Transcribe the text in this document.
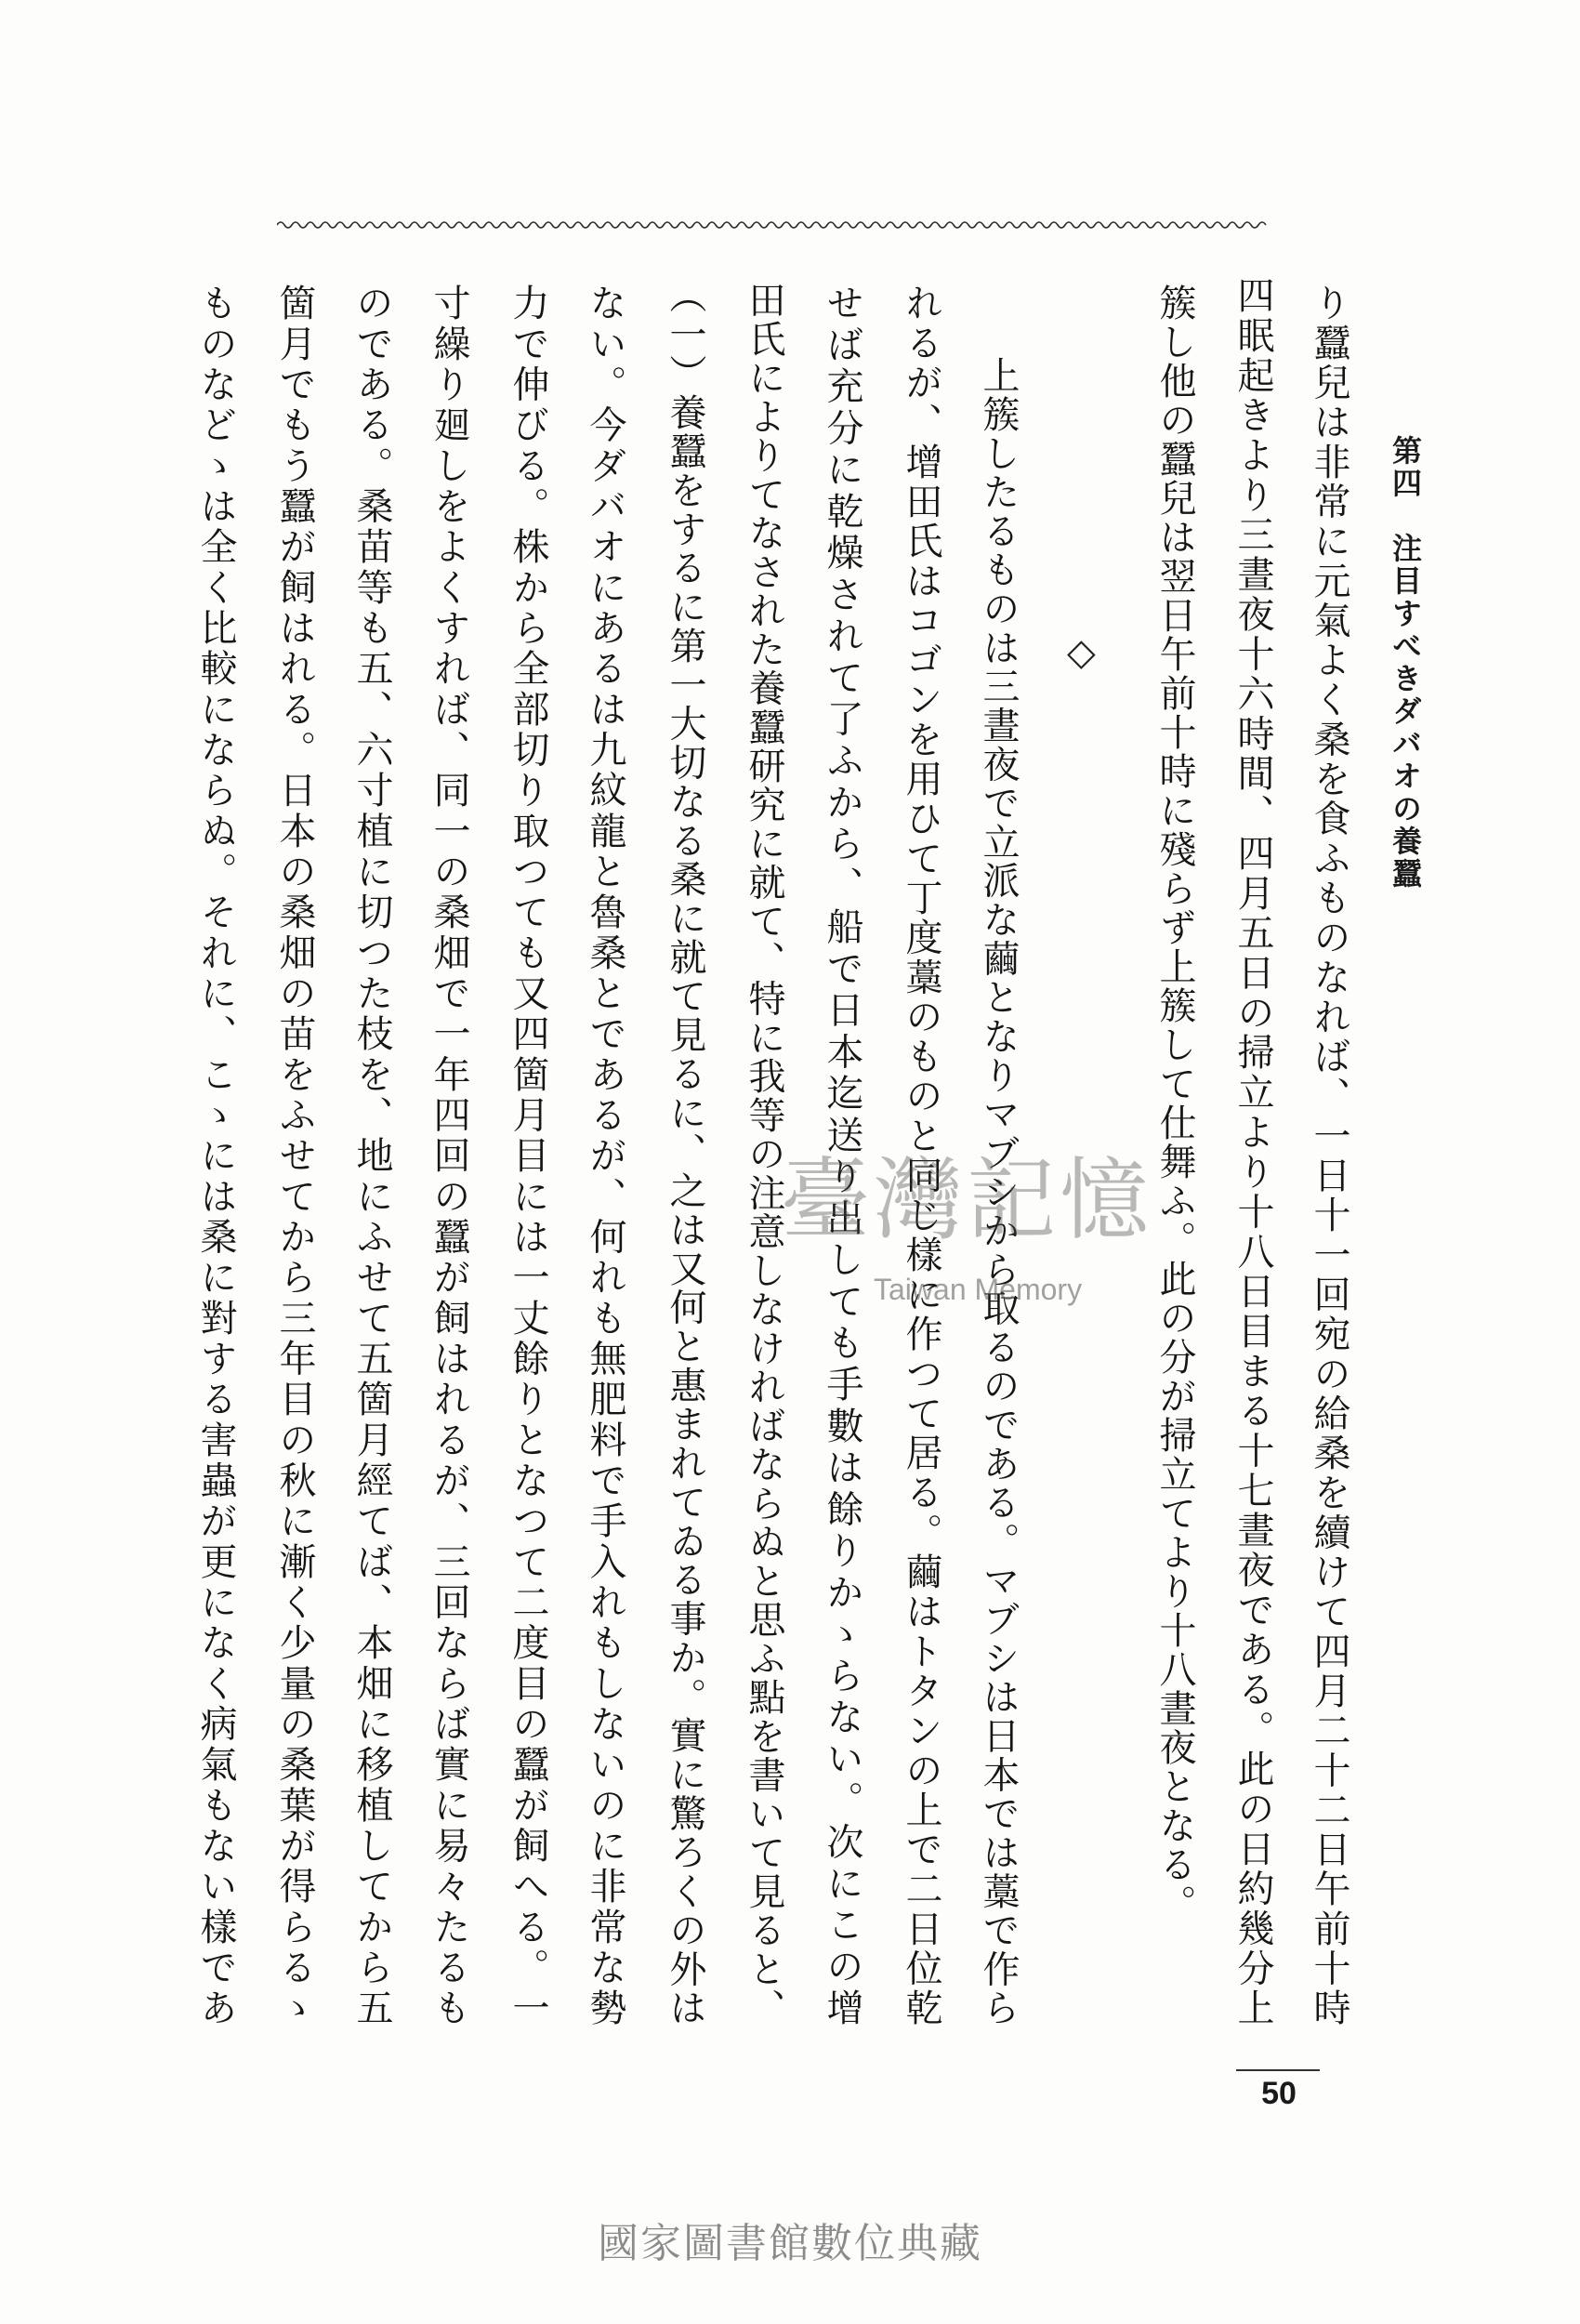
第四　注目すべきダバオの養蠶
り蠶兒は非常に元氣よく桑を食ふものなれば、一日十一回宛の給桑を續けて四月二十二日午前十時
四眠起きより三晝夜十六時間、四月五日の掃立より十八日目まる十七晝夜である。此の日約幾分上
簇し他の蠶兒は翌日午前十時に殘らず上簇して仕舞ふ。此の分が掃立てより十八晝夜となる。
◇
上簇したるものは三晝夜で立派な繭となりマブシから取るのである。マブシは日本では藁で作ら
れるが、增田氏はコゴンを用ひて丁度藁のものと同じ樣に作つて居る。繭はトタンの上で二日位乾
せば充分に乾燥されて了ふから、船で日本迄送り出しても手數は餘りかゝらない。次にこの增
田氏によりてなされた養蠶研究に就て、特に我等の注意しなければならぬと思ふ點を書いて見ると、
（一）養蠶をするに第一大切なる桑に就て見るに、之は又何と惠まれてゐる事か。實に驚ろくの外は
ない。今ダバオにあるは九紋龍と魯桑とであるが、何れも無肥料で手入れもしないのに非常な勢
力で伸びる。株から全部切り取つても又四箇月目には一丈餘りとなつて二度目の蠶が飼へる。一
寸繰り廻しをよくすれば、同一の桑畑で一年四回の蠶が飼はれるが、三回ならば實に易々たるも
のである。桑苗等も五、六寸植に切つた枝を、地にふせて五箇月經てば、本畑に移植してから五
箇月でもう蠶が飼はれる。日本の桑畑の苗をふせてから三年目の秋に漸く少量の桑葉が得らるゝ
ものなどゝは全く比較にならぬ。それに、こゝには桑に對する害蟲が更になく病氣もない樣であ
50
臺灣記憶
Taiwan Memory
國家圖書館數位典藏
